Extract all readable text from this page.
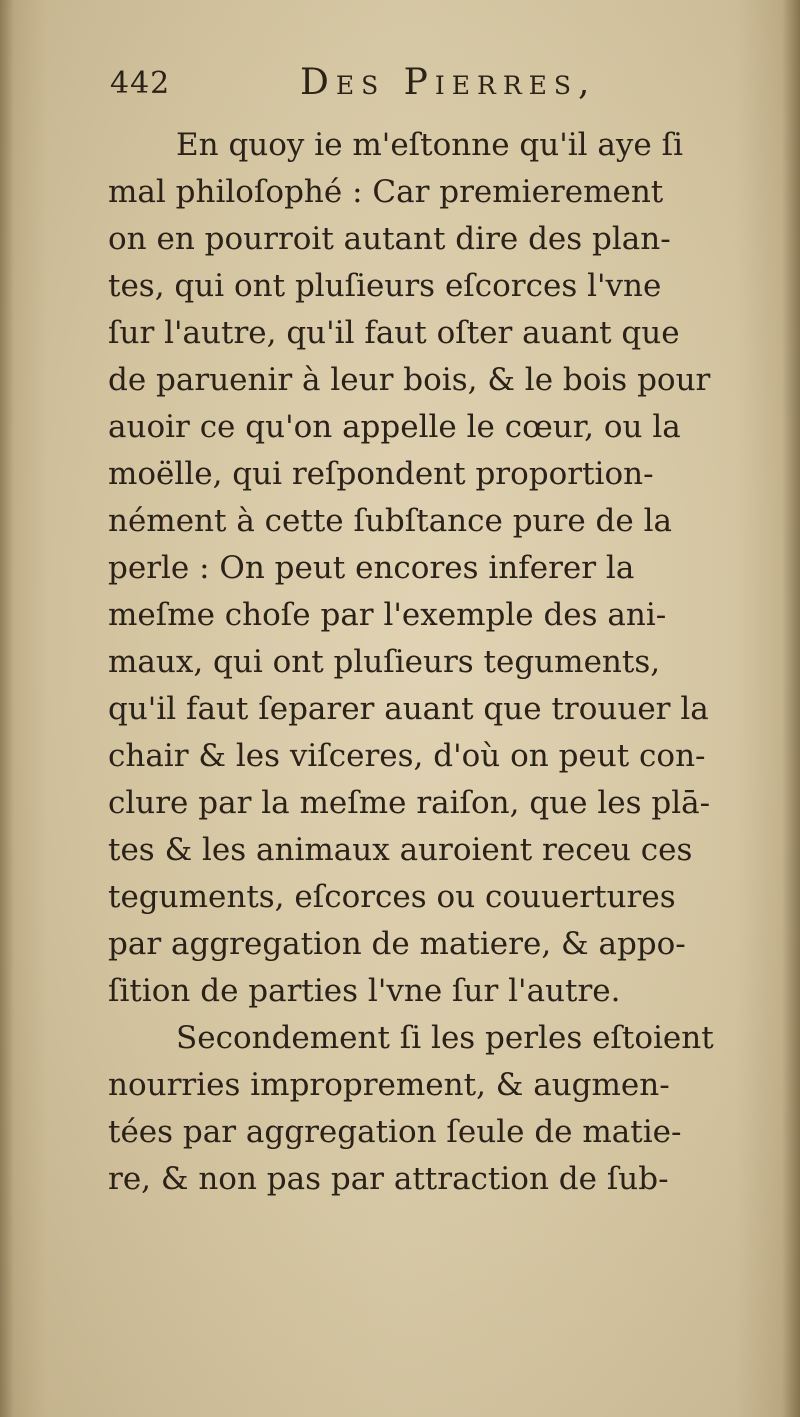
442	Des Pierres,
En quoy ie m'eſtonne qu'il aye ſi
mal philoſophé : Car premierement
on en pourroit autant dire des plan-
tes, qui ont pluſieurs eſcorces l'vne
ſur l'autre, qu'il faut oſter auant que
de paruenir à leur bois, & le bois pour
auoir ce qu'on appelle le cœur, ou la
moëlle, qui reſpondent proportion-
nément à cette ſubſtance pure de la
perle : On peut encores inferer la
meſme choſe par l'exemple des ani-
maux, qui ont pluſieurs teguments,
qu'il faut ſeparer auant que trouuer la
chair & les viſceres, d'où on peut con-
clure par la meſme raiſon, que les plā-
tes & les animaux auroient receu ces
teguments, eſcorces ou couuertures
par aggregation de matiere, & appo-
ſition de parties l'vne ſur l'autre.
Secondement ſi les perles eſtoient
nourries improprement, & augmen-
tées par aggregation ſeule de matie-
re, & non pas par attraction de ſub-
